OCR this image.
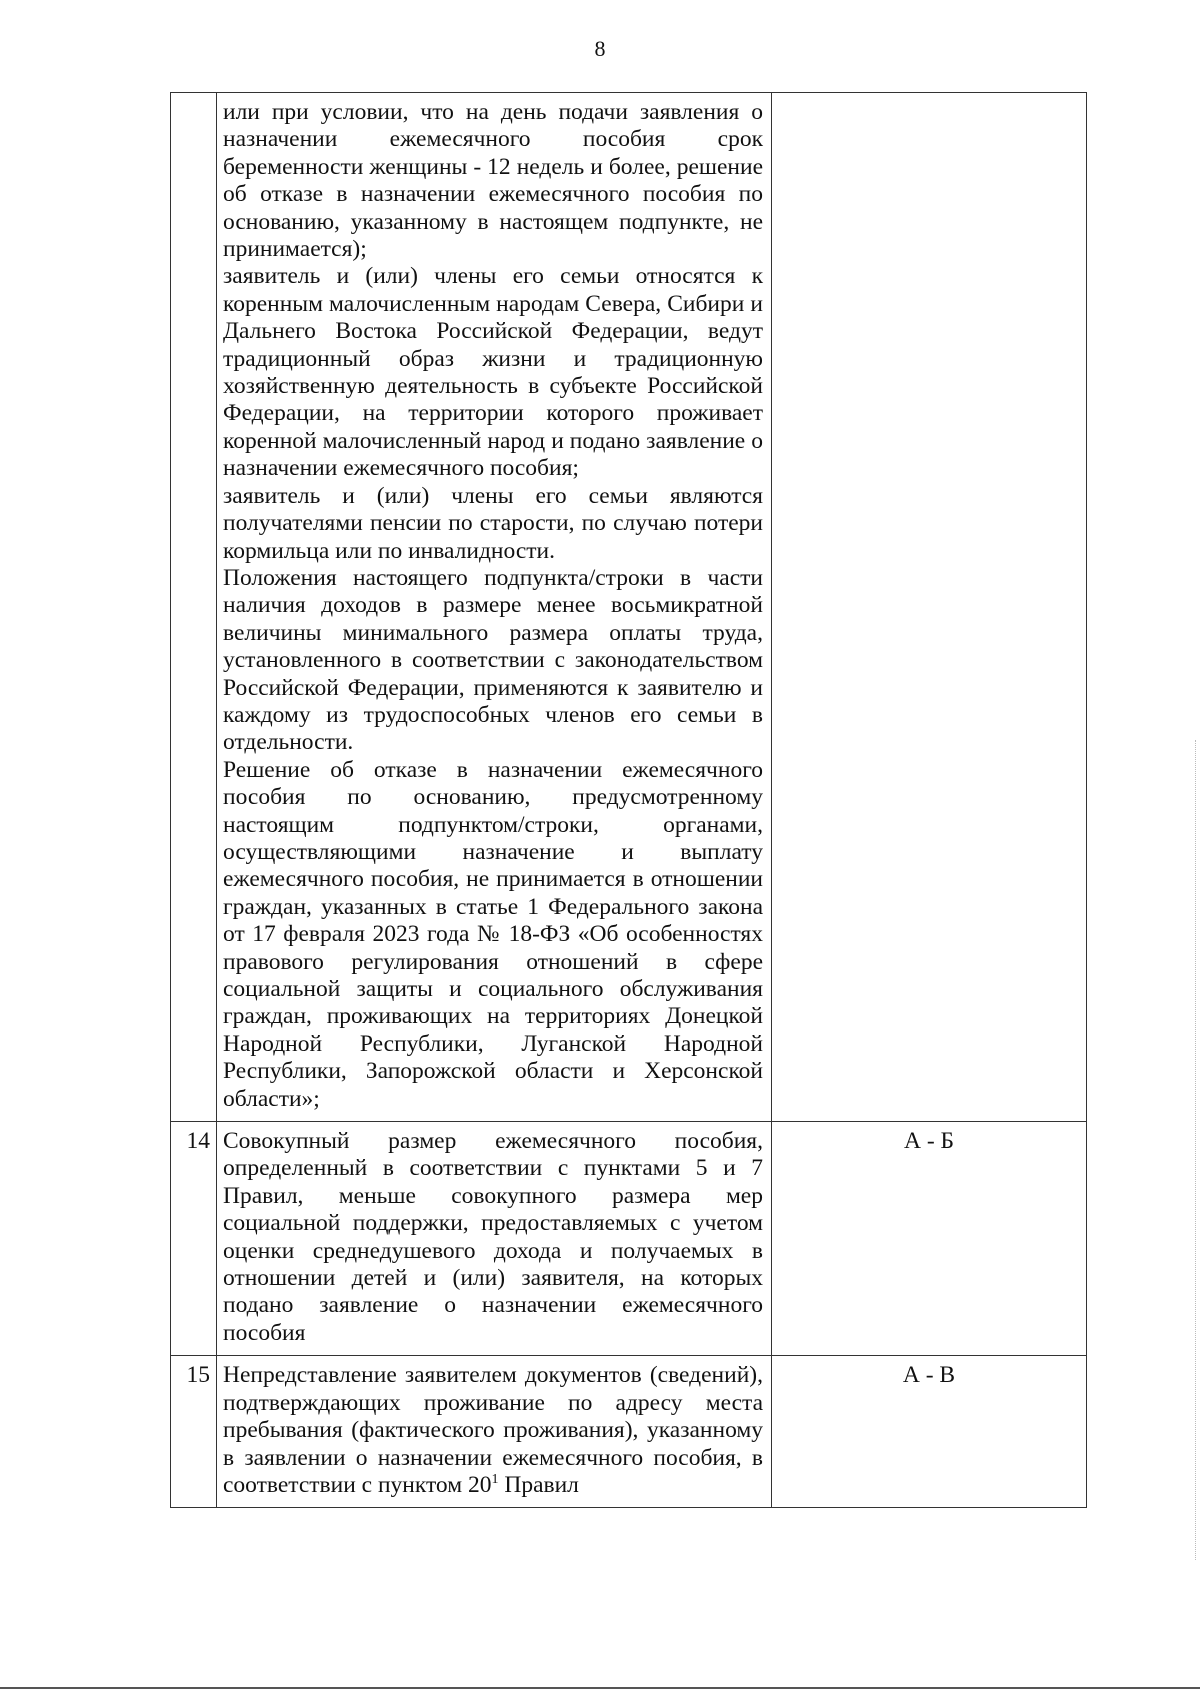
8

	или при условии, что на день подачи заявления о назначении ежемесячного пособия срок беременности женщины - 12 недель и более, решение об отказе в назначении ежемесячного пособия по основанию, указанному в настоящем подпункте, не принимается);
заявитель и (или) члены его семьи относятся к коренным малочисленным народам Севера, Сибири и Дальнего Востока Российской Федерации, ведут традиционный образ жизни и традиционную хозяйственную деятельность в субъекте Российской Федерации, на территории которого проживает коренной малочисленный народ и подано заявление о назначении ежемесячного пособия;
заявитель и (или) члены его семьи являются получателями пенсии по старости, по случаю потери кормильца или по инвалидности.
Положения настоящего подпункта/строки в части наличия доходов в размере менее восьмикратной величины минимального размера оплаты труда, установленного в соответствии с законодательством Российской Федерации, применяются к заявителю и каждому из трудоспособных членов его семьи в отдельности.
Решение об отказе в назначении ежемесячного пособия по основанию, предусмотренному настоящим подпунктом/строки, органами, осуществляющими назначение и выплату ежемесячного пособия, не принимается в отношении граждан, указанных в статье 1 Федерального закона от 17 февраля 2023 года № 18-ФЗ «Об особенностях правового регулирования отношений в сфере социальной защиты и социального обслуживания граждан, проживающих на территориях Донецкой Народной Республики, Луганской Народной Республики, Запорожской области и Херсонской области»;	

14	Совокупный размер ежемесячного пособия, определенный в соответствии с пунктами 5 и 7 Правил, меньше совокупного размера мер социальной поддержки, предоставляемых с учетом оценки среднедушевого дохода и получаемых в отношении детей и (или) заявителя, на которых подано заявление о назначении ежемесячного пособия	А - Б
15	Непредставление заявителем документов (сведений), подтверждающих проживание по адресу места пребывания (фактического проживания), указанному в заявлении о назначении ежемесячного пособия, в соответствии с пунктом $20^1$ Правил	А - В
